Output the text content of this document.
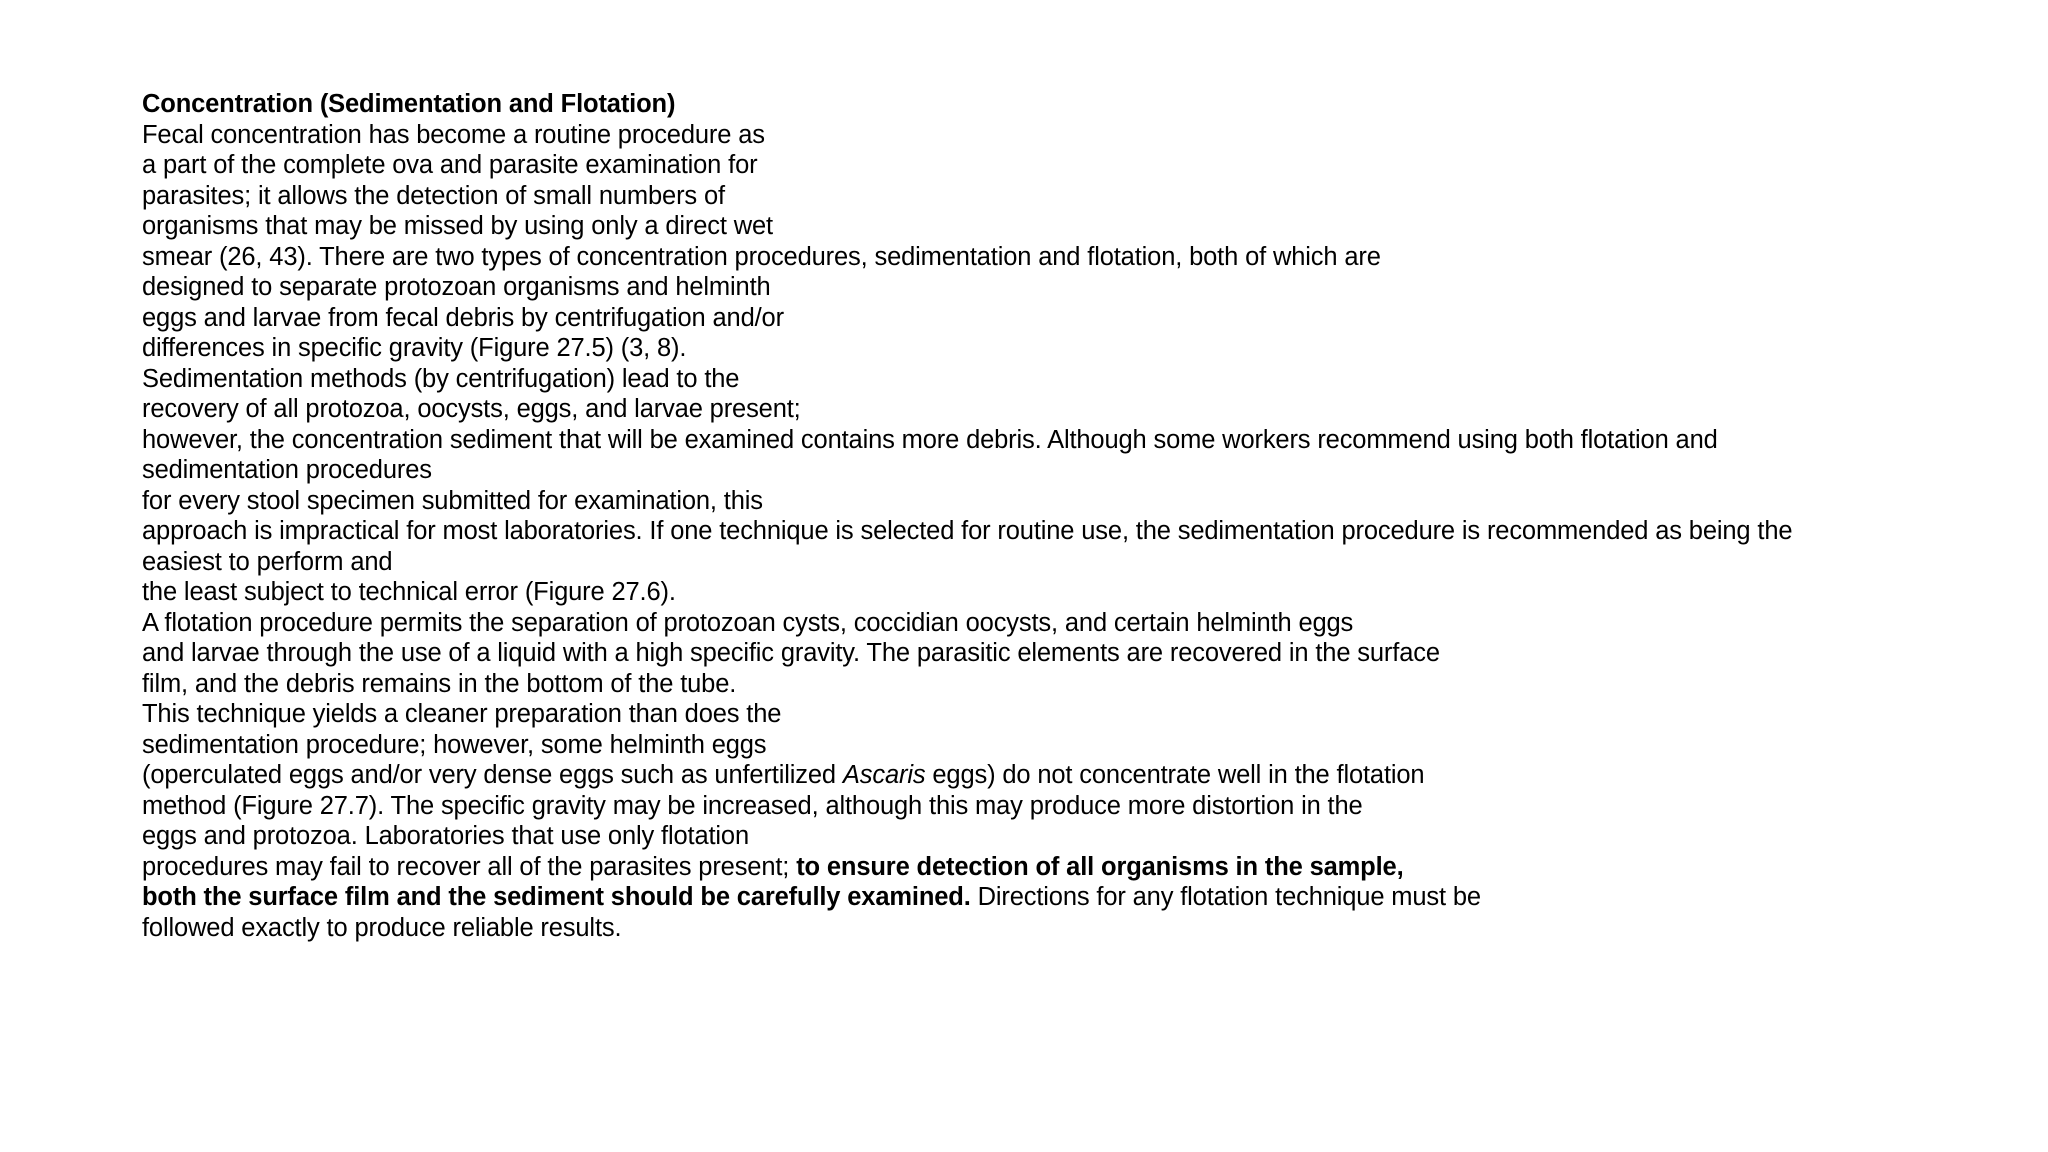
Concentration (Sedimentation and Flotation)
Fecal concentration has become a routine procedure as
a part of the complete ova and parasite examination for
parasites; it allows the detection of small numbers of
organisms that may be missed by using only a direct wet
smear (26, 43). There are two types of concentration procedures, sedimentation and flotation, both of which are
designed to separate protozoan organisms and helminth
eggs and larvae from fecal debris by centrifugation and/or
differences in specific gravity (Figure 27.5) (3, 8).
Sedimentation methods (by centrifugation) lead to the
recovery of all protozoa, oocysts, eggs, and larvae present;
however, the concentration sediment that will be examined contains more debris. Although some workers recommend using both flotation and
sedimentation procedures
for every stool specimen submitted for examination, this
approach is impractical for most laboratories. If one technique is selected for routine use, the sedimentation procedure is recommended as being the
easiest to perform and
the least subject to technical error (Figure 27.6).
A flotation procedure permits the separation of protozoan cysts, coccidian oocysts, and certain helminth eggs
and larvae through the use of a liquid with a high specific gravity. The parasitic elements are recovered in the surface
film, and the debris remains in the bottom of the tube.
This technique yields a cleaner preparation than does the
sedimentation procedure; however, some helminth eggs
(operculated eggs and/or very dense eggs such as unfertilized Ascaris eggs) do not concentrate well in the flotation
method (Figure 27.7). The specific gravity may be increased, although this may produce more distortion in the
eggs and protozoa. Laboratories that use only flotation
procedures may fail to recover all of the parasites present; to ensure detection of all organisms in the sample,
both the surface film and the sediment should be carefully examined. Directions for any flotation technique must be
followed exactly to produce reliable results.
